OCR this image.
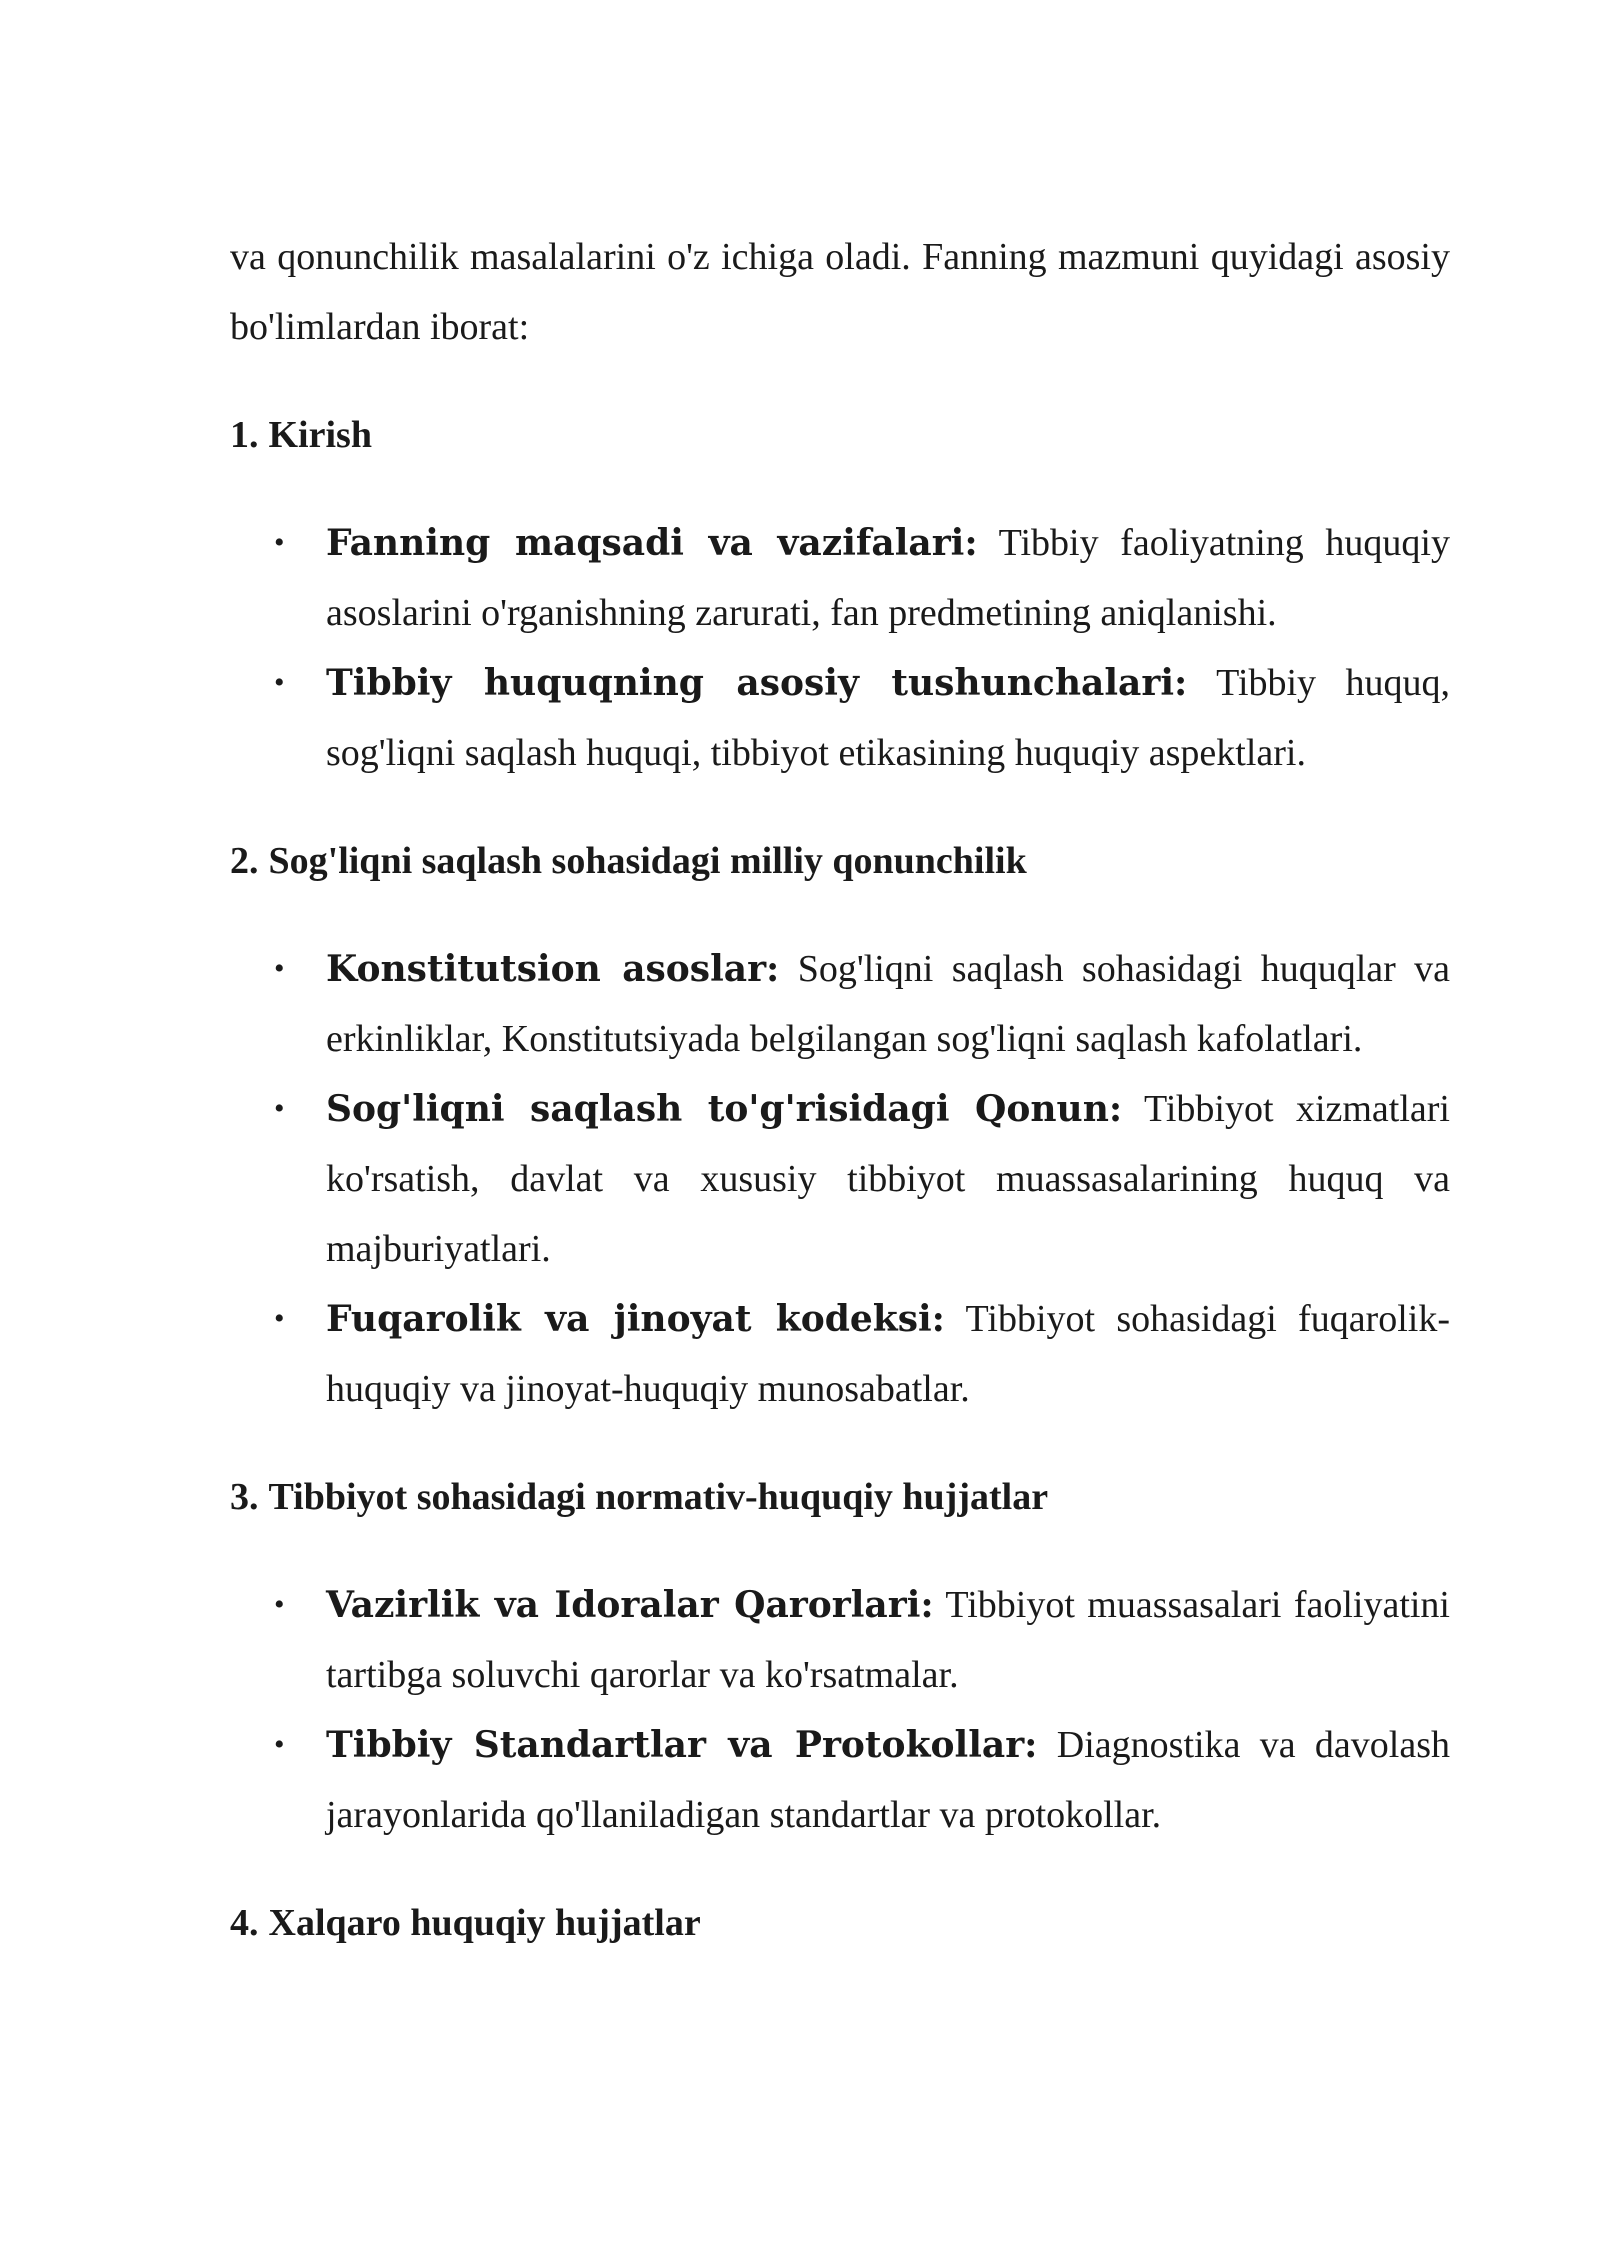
va qonunchilik masalalarini o'z ichiga oladi. Fanning mazmuni quyidagi asosiy bo'limlardan iborat:

1. Kirish

• Fanning maqsadi va vazifalari: Tibbiy faoliyatning huquqiy asoslarini o'rganishning zarurati, fan predmetining aniqlanishi.
• Tibbiy huquqning asosiy tushunchalari: Tibbiy huquq, sog'liqni saqlash huquqi, tibbiyot etikasining huquqiy aspektlari.

2. Sog'liqni saqlash sohasidagi milliy qonunchilik

• Konstitutsion asoslar: Sog'liqni saqlash sohasidagi huquqlar va erkinliklar, Konstitutsiyada belgilangan sog'liqni saqlash kafolatlari.
• Sog'liqni saqlash to'g'risidagi Qonun: Tibbiyot xizmatlari ko'rsatish, davlat va xususiy tibbiyot muassasalarining huquq va majburiyatlari.
• Fuqarolik va jinoyat kodeksi: Tibbiyot sohasidagi fuqarolik-huquqiy va jinoyat-huquqiy munosabatlar.

3. Tibbiyot sohasidagi normativ-huquqiy hujjatlar

• Vazirlik va Idoralar Qarorlari: Tibbiyot muassasalari faoliyatini tartibga soluvchi qarorlar va ko'rsatmalar.
• Tibbiy Standartlar va Protokollar: Diagnostika va davolash jarayonlarida qo'llaniladigan standartlar va protokollar.

4. Xalqaro huquqiy hujjatlar
